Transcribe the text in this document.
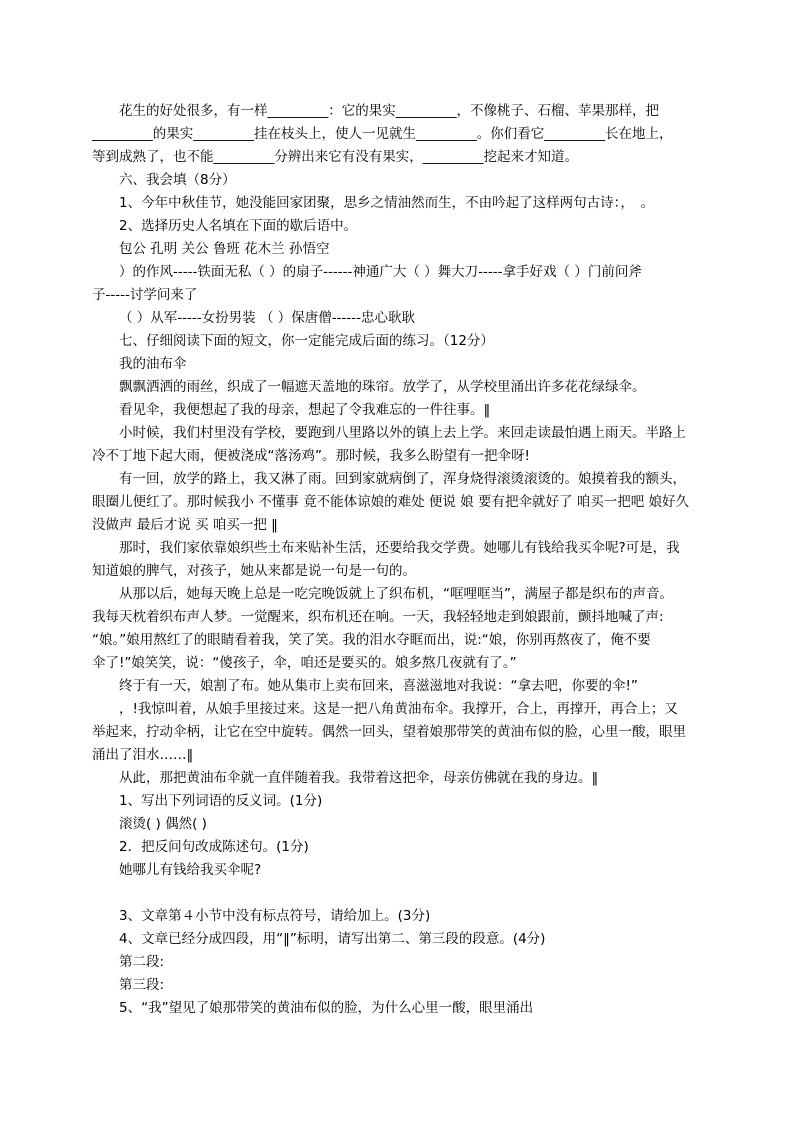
花生的好处很多，有一样_________：它的果实_________，不像桃子、石榴、苹果那样，把
_________的果实_________挂在枝头上，使人一见就生_________。你们看它_________长在地上，
等到成熟了，也不能_________分辨出来它有没有果实，_________挖起来才知道。
六、我会填（8分）
1、今年中秋佳节，她没能回家团聚，思乡之情油然而生，不由吟起了这样两句古诗：，　。
2、选择历史人名填在下面的歇后语中。
包公 孔明 关公 鲁班 花木兰 孙悟空
）的作风-----铁面无私（ ）的扇子------神通广大（ ）舞大刀-----拿手好戏（ ）门前问斧
子-----讨学问来了
（ ）从军-----女扮男装 （ ）保唐僧------忠心耿耿
七、仔细阅读下面的短文，你一定能完成后面的练习。（12分）
我的油布伞
飘飘洒洒的雨丝，织成了一幅遮天盖地的珠帘。放学了，从学校里涌出许多花花绿绿伞。
看见伞，我便想起了我的母亲，想起了令我难忘的一件往事。‖
小时候，我们村里没有学校，要跑到八里路以外的镇上去上学。来回走读最怕遇上雨天。半路上
冷不丁地下起大雨，便被浇成“落汤鸡”。那时候，我多么盼望有一把伞呀!
有一回，放学的路上，我又淋了雨。回到家就病倒了，浑身烧得滚烫滚烫的。娘摸着我的额头，
眼圈儿便红了。那时候我小 不懂事 竟不能体谅娘的难处 便说 娘 要有把伞就好了 咱买一把吧 娘好久
没做声 最后才说 买 咱买一把 ‖
那时，我们家依靠娘织些土布来贴补生活，还要给我交学费。她哪儿有钱给我买伞呢?可是，我
知道娘的脾气，对孩子，她从来都是说一句是一句的。
从那以后，她每天晚上总是一吃完晚饭就上了织布机，“哐哩哐当”，满屋子都是织布的声音。
我每天枕着织布声人梦。一觉醒来，织布机还在响。一天，我轻轻地走到娘跟前，颤抖地喊了声:
“娘。”娘用熬红了的眼睛看着我，笑了笑。我的泪水夺眶而出，说:“娘，你别再熬夜了，俺不要
伞了!”娘笑笑，说：“傻孩子，伞，咱还是要买的。娘多熬几夜就有了。”
终于有一天，娘割了布。她从集市上卖布回来，喜滋滋地对我说：“拿去吧，你要的伞!”
，!我惊叫着，从娘手里接过来。这是一把八角黄油布伞。我撑开，合上，再撑开，再合上；又
举起来，拧动伞柄，让它在空中旋转。偶然一回头，望着娘那带笑的黄油布似的脸，心里一酸，眼里
涌出了泪水……‖
从此，那把黄油布伞就一直伴随着我。我带着这把伞，母亲仿佛就在我的身边。‖
1、写出下列词语的反义词。(1分)
滚烫( ) 偶然( )
2．把反问句改成陈述句。(1分)
她哪儿有钱给我买伞呢?
3、文章第４小节中没有标点符号，请给加上。(3分)
4、文章已经分成四段，用“‖”标明，请写出第二、第三段的段意。(4分)
第二段:
第三段:
5、“我”望见了娘那带笑的黄油布似的脸，为什么心里一酸，眼里涌出
